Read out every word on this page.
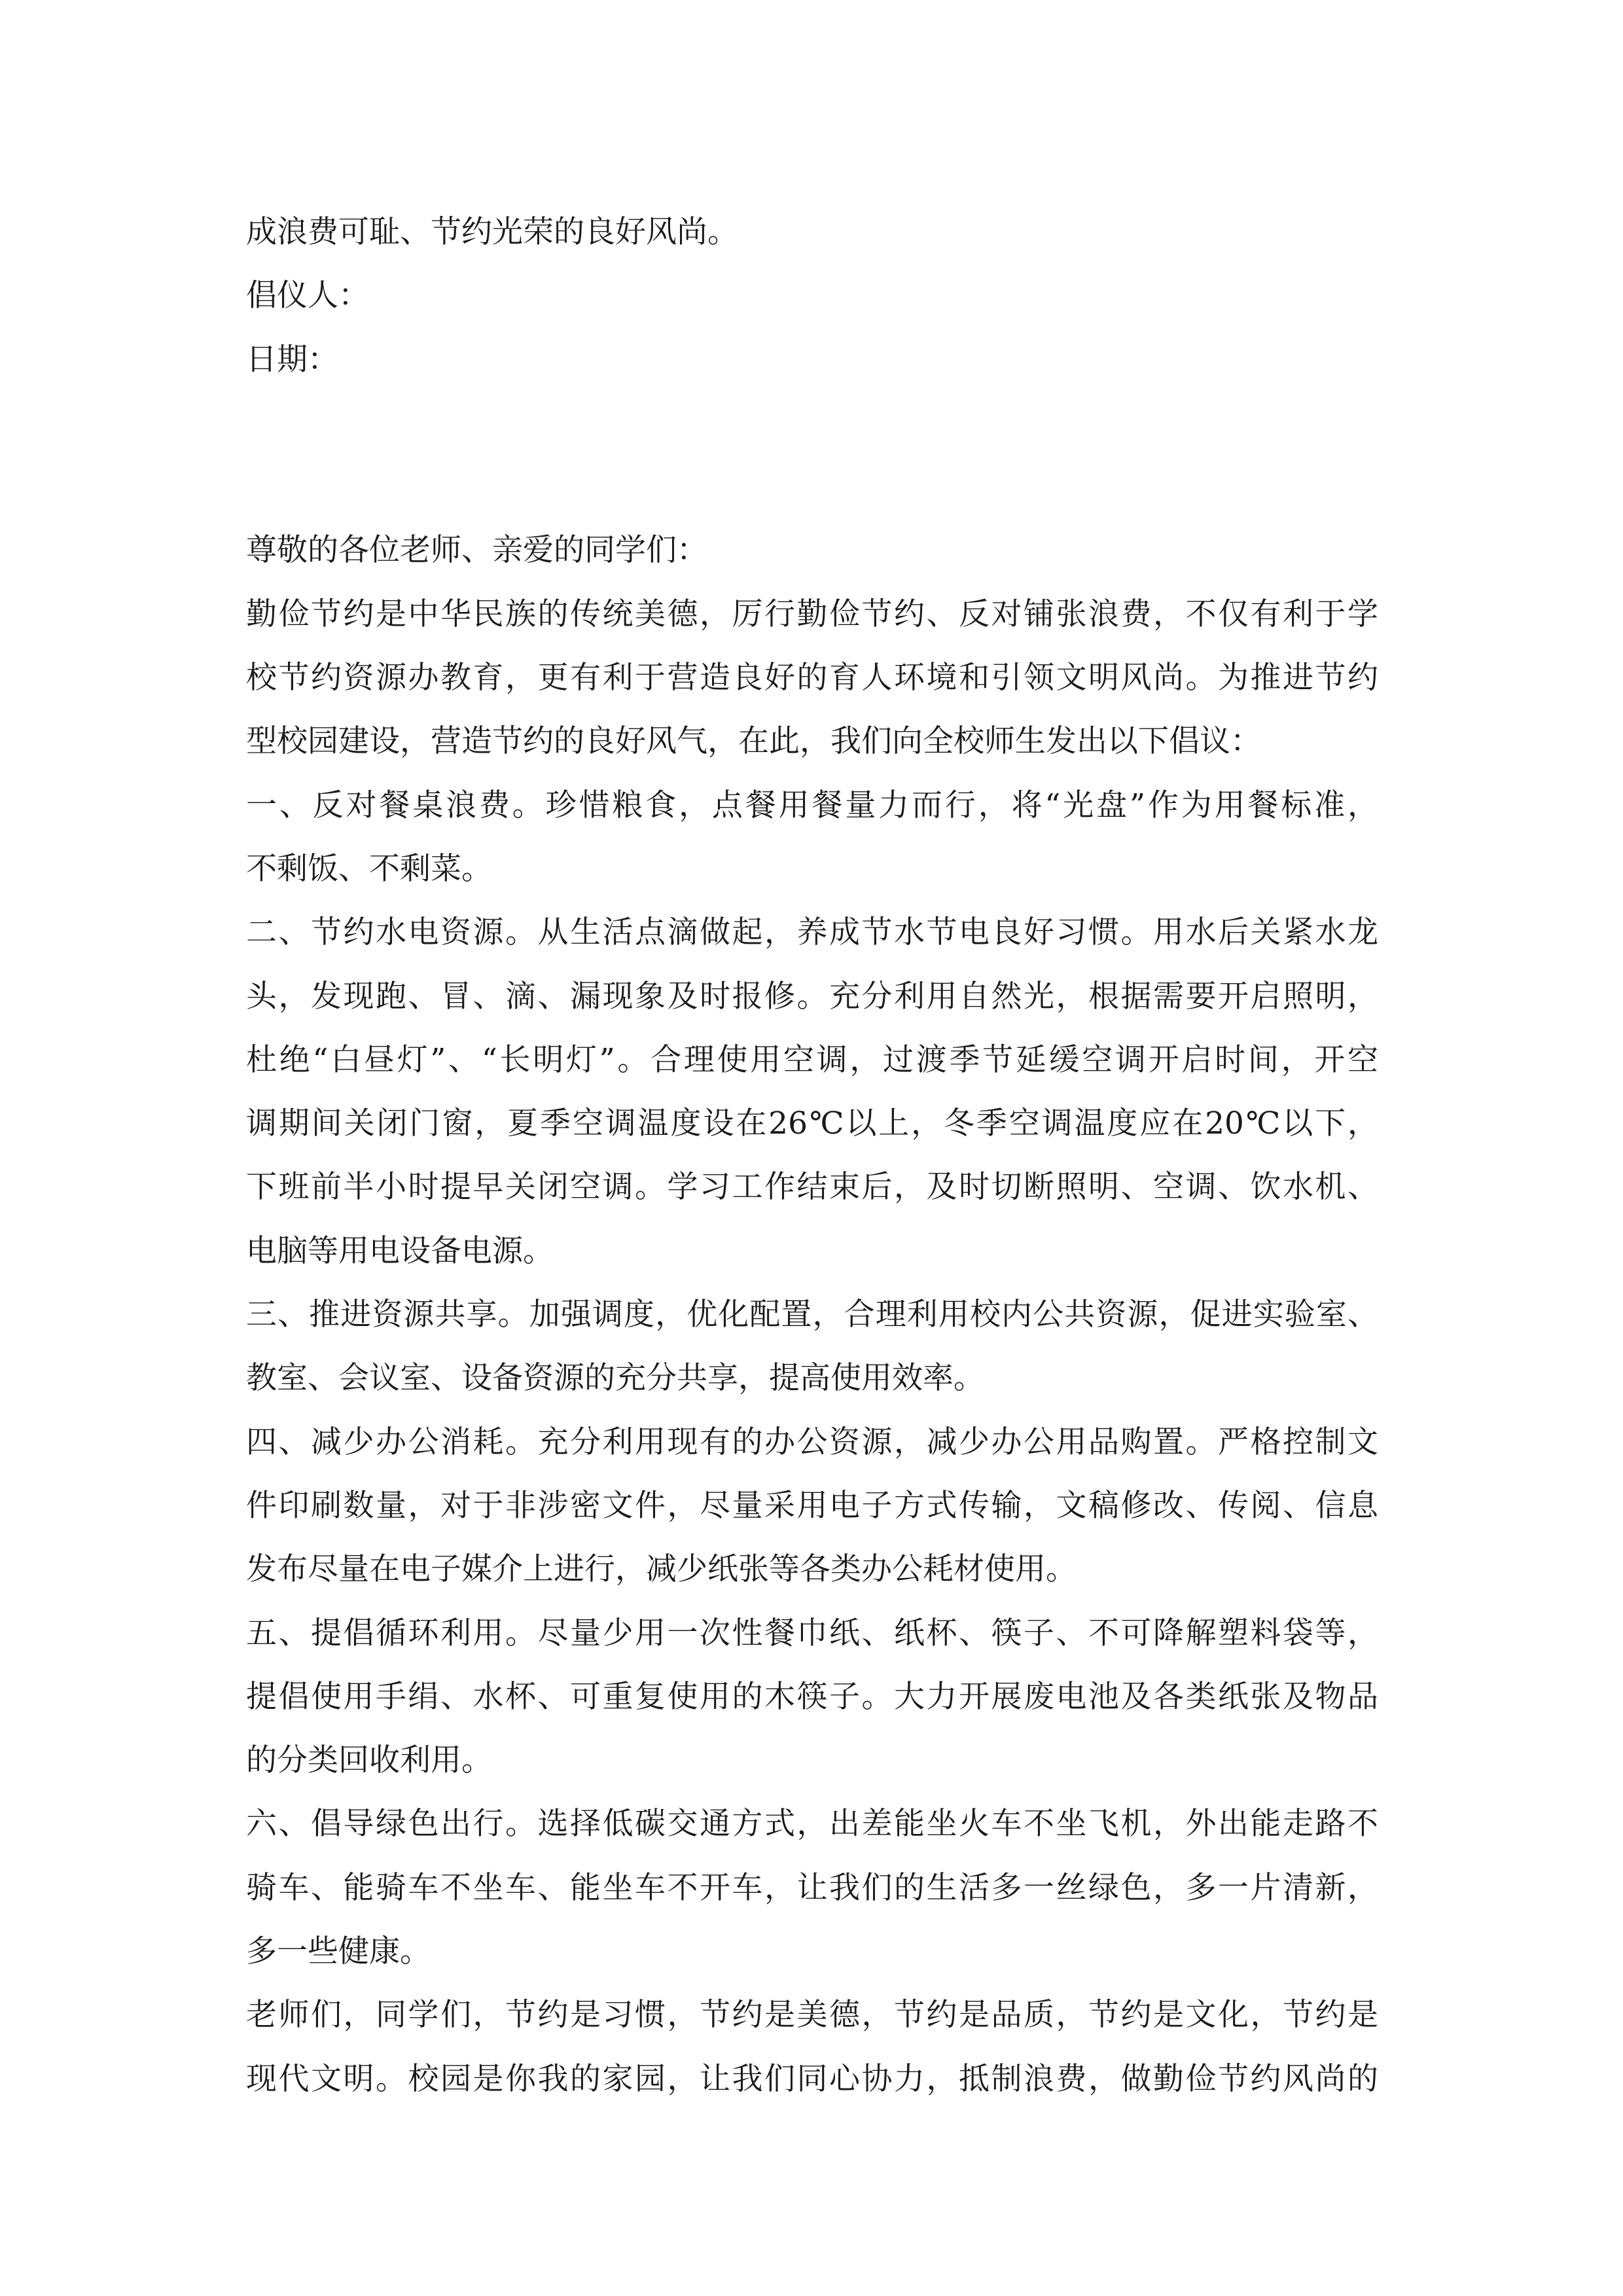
成浪费可耻、节约光荣的良好风尚。
倡仪人：
日期：
尊敬的各位老师、亲爱的同学们：
勤俭节约是中华民族的传统美德，厉行勤俭节约、反对铺张浪费，不仅有利于学
校节约资源办教育，更有利于营造良好的育人环境和引领文明风尚。为推进节约
型校园建设，营造节约的良好风气，在此，我们向全校师生发出以下倡议：
一、反对餐桌浪费。珍惜粮食，点餐用餐量力而行，将“光盘”作为用餐标准，
不剩饭、不剩菜。
二、节约水电资源。从生活点滴做起，养成节水节电良好习惯。用水后关紧水龙
头，发现跑、冒、滴、漏现象及时报修。充分利用自然光，根据需要开启照明，
杜绝“白昼灯”、“长明灯”。合理使用空调，过渡季节延缓空调开启时间，开空
调期间关闭门窗，夏季空调温度设在26℃以上，冬季空调温度应在20℃以下，
下班前半小时提早关闭空调。学习工作结束后，及时切断照明、空调、饮水机、
电脑等用电设备电源。
三、推进资源共享。加强调度，优化配置，合理利用校内公共资源，促进实验室、
教室、会议室、设备资源的充分共享，提高使用效率。
四、减少办公消耗。充分利用现有的办公资源，减少办公用品购置。严格控制文
件印刷数量，对于非涉密文件，尽量采用电子方式传输，文稿修改、传阅、信息
发布尽量在电子媒介上进行，减少纸张等各类办公耗材使用。
五、提倡循环利用。尽量少用一次性餐巾纸、纸杯、筷子、不可降解塑料袋等，
提倡使用手绢、水杯、可重复使用的木筷子。大力开展废电池及各类纸张及物品
的分类回收利用。
六、倡导绿色出行。选择低碳交通方式，出差能坐火车不坐飞机，外出能走路不
骑车、能骑车不坐车、能坐车不开车，让我们的生活多一丝绿色，多一片清新，
多一些健康。
老师们，同学们，节约是习惯，节约是美德，节约是品质，节约是文化，节约是
现代文明。校园是你我的家园，让我们同心协力，抵制浪费，做勤俭节约风尚的
